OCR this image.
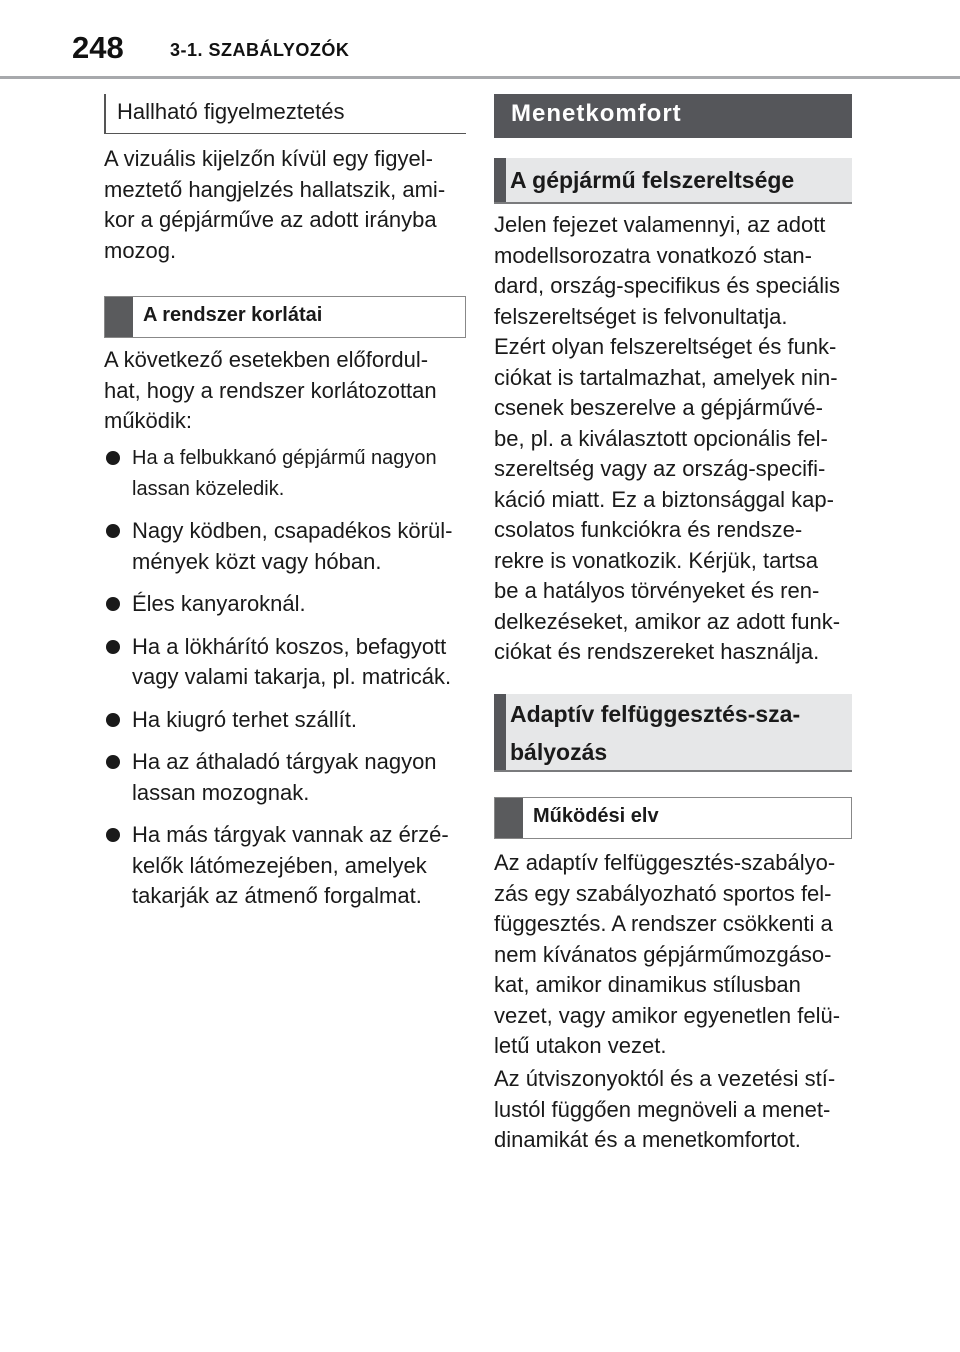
248	3-1. SZABÁLYOZÓK
Hallható figyelmeztetés

A vizuális kijelzőn kívül egy figyel-
meztető hangjelzés hallatszik, ami-
kor a gépjárműve az adott irányba
mozog.

A rendszer korlátai

A következő esetekben előfordul-
hat, hogy a rendszer korlátozottan
működik:

Ha a felbukkanó gépjármű nagyon
lassan közeledik.
Nagy ködben, csapadékos körül-
mények közt vagy hóban.
Éles kanyaroknál.
Ha a lökhárító koszos, befagyott
vagy valami takarja, pl. matricák.
Ha kiugró terhet szállít.
Ha az áthaladó tárgyak nagyon
lassan mozognak.
Ha más tárgyak vannak az érzé-
kelők látómezejében, amelyek
takarják az átmenő forgalmat.
Menetkomfort
A gépjármű felszereltsége

Jelen fejezet valamennyi, az adott
modellsorozatra vonatkozó stan-
dard, ország-specifikus és speciális
felszereltséget is felvonultatja.
Ezért olyan felszereltséget és funk-
ciókat is tartalmazhat, amelyek nin-
csenek beszerelve a gépjárművé-
be, pl. a kiválasztott opcionális fel-
szereltség vagy az ország-specifi-
káció miatt. Ez a biztonsággal kap-
csolatos funkciókra és rendsze-
rekre is vonatkozik. Kérjük, tartsa
be a hatályos törvényeket és ren-
delkezéseket, amikor az adott funk-
ciókat és rendszereket használja.

Adaptív felfüggesztés-sza-
bályozás
Működési elv

Az adaptív felfüggesztés-szabályo-
zás egy szabályozható sportos fel-
függesztés. A rendszer csökkenti a
nem kívánatos gépjárműmozgáso-
kat, amikor dinamikus stílusban
vezet, vagy amikor egyenetlen felü-
letű utakon vezet.

Az útviszonyoktól és a vezetési stí-
lustól függően megnöveli a menet-
dinamikát és a menetkomfortot.
